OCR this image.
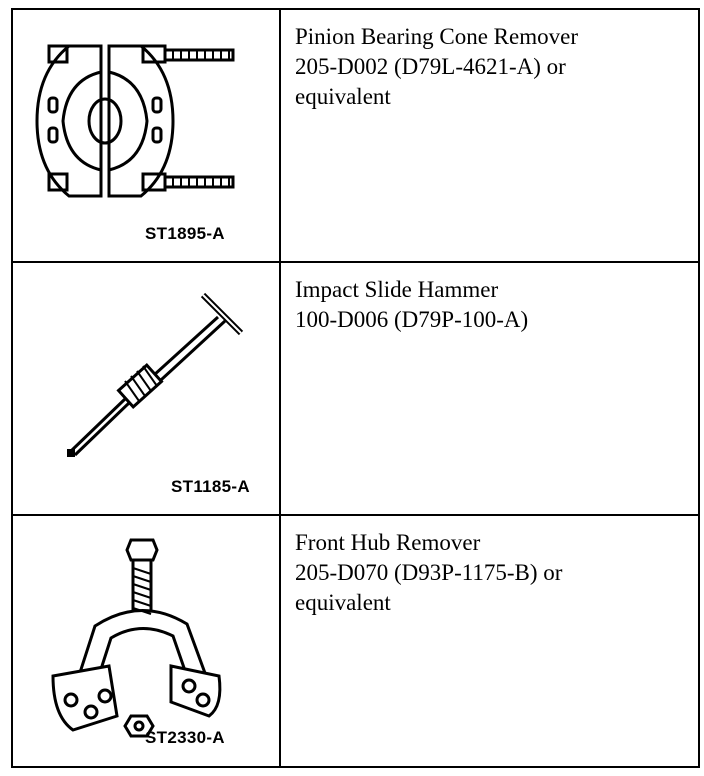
ST1895-A	Pinion Bearing Cone Remover
205-D002 (D79L-4621-A) or
equivalent

ST1185-A	Impact Slide Hammer
100-D006 (D79P-100-A)

ST2330-A	Front Hub Remover
205-D070 (D93P-1175-B) or
equivalent
